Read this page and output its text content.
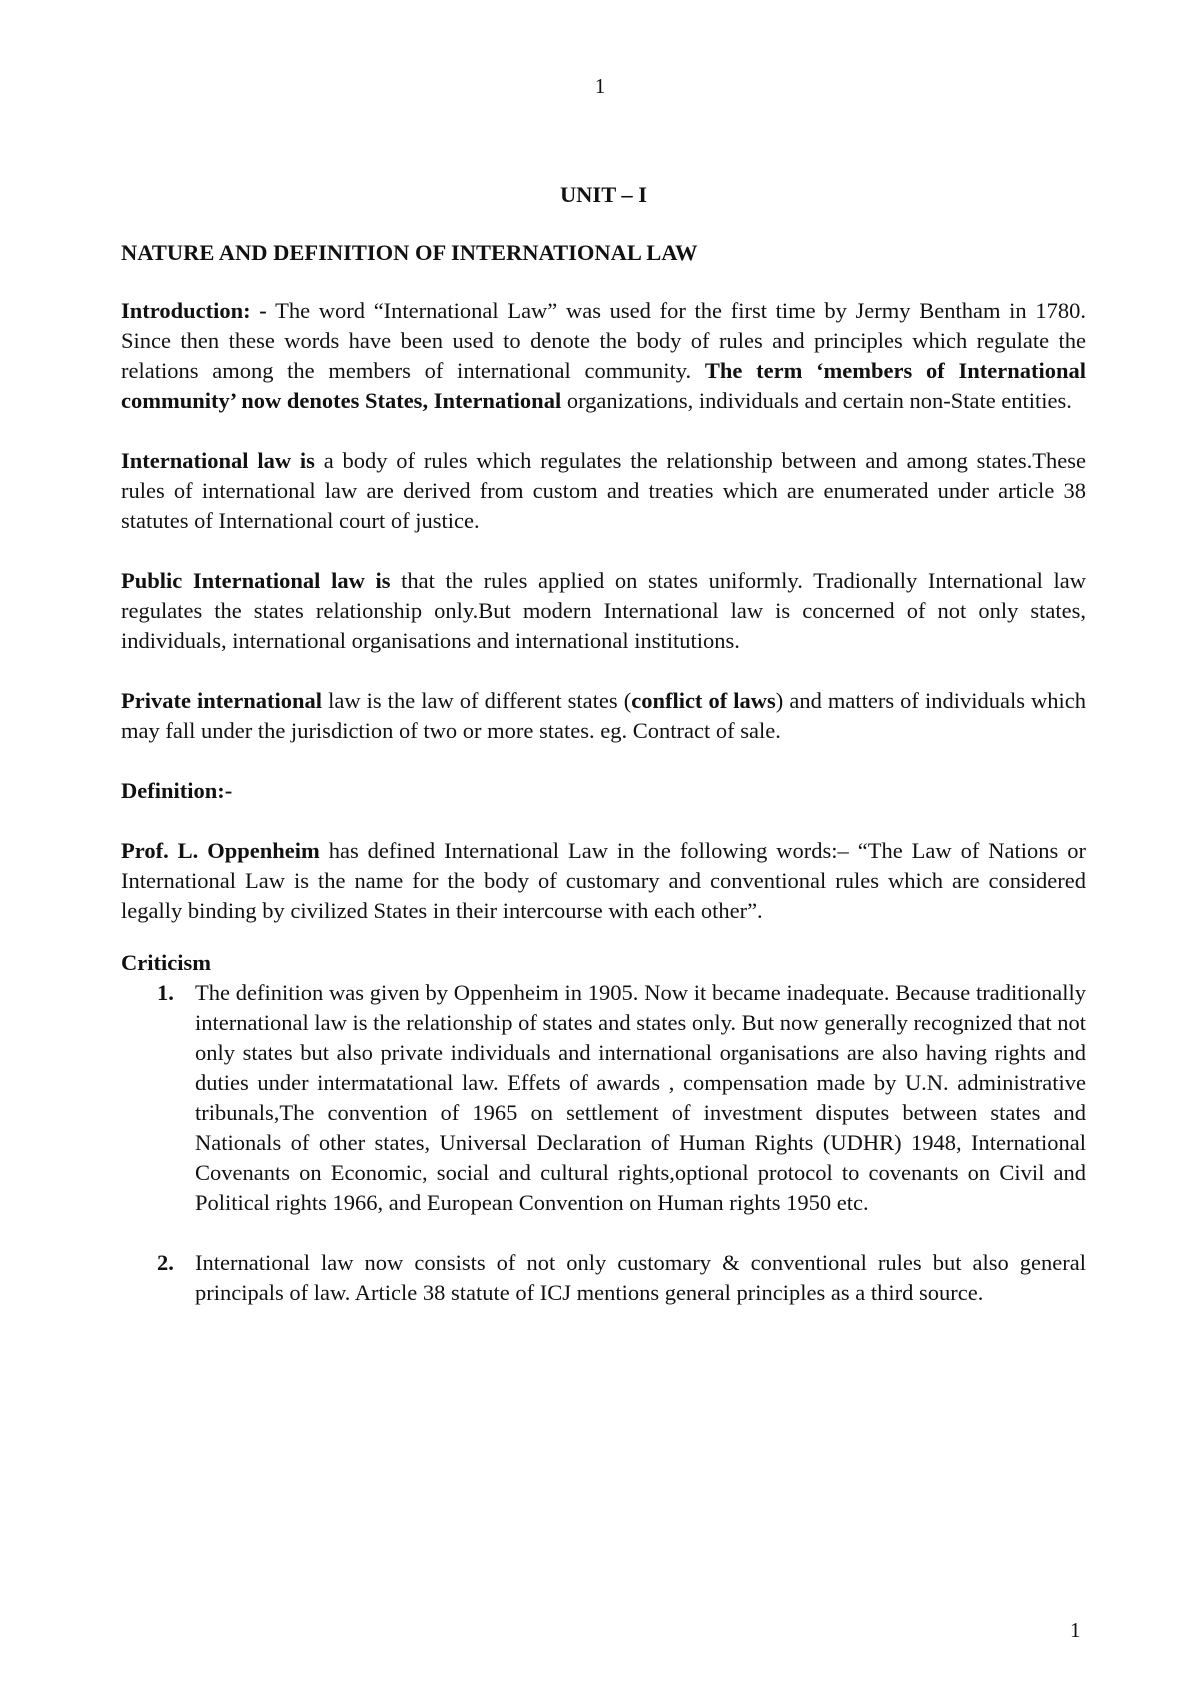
1
UNIT – I
NATURE AND DEFINITION OF INTERNATIONAL LAW

Introduction: - The word “International Law” was used for the first time by Jermy Bentham in 1780. Since then these words have been used to denote the body of rules and principles which regulate the relations among the members of international community. The term ‘members of International community’ now denotes States, International organizations, individuals and certain non-State entities.

International law is a body of rules which regulates the relationship between and among states.These rules of international law are derived from custom and treaties which are enumerated under article 38 statutes of International court of justice.

Public International law is that the rules applied on states uniformly. Tradionally International law regulates the states relationship only.But modern International law is concerned of not only states, individuals, international organisations and international institutions.

Private international law is the law of different states (conflict of laws) and matters of individuals which may fall under the jurisdiction of two or more states. eg. Contract of sale.

Definition:-

Prof. L. Oppenheim has defined International Law in the following words:– “The Law of Nations or International Law is the name for the body of customary and conventional rules which are considered legally binding by civilized States in their intercourse with each other”.

Criticism
1. The definition was given by Oppenheim in 1905. Now it became inadequate. Because traditionally international law is the relationship of states and states only. But now generally recognized that not only states but also private individuals and international organisations are also having rights and duties under intermatational law. Effets of awards , compensation made by U.N. administrative tribunals,The convention of 1965 on settlement of investment disputes between states and Nationals of other states, Universal Declaration of Human Rights (UDHR) 1948, International Covenants on Economic, social and cultural rights,optional protocol to covenants on Civil and Political rights 1966, and European Convention on Human rights 1950 etc.
2. International law now consists of not only customary & conventional rules but also general principals of law. Article 38 statute of ICJ mentions general principles as a third source.
1
